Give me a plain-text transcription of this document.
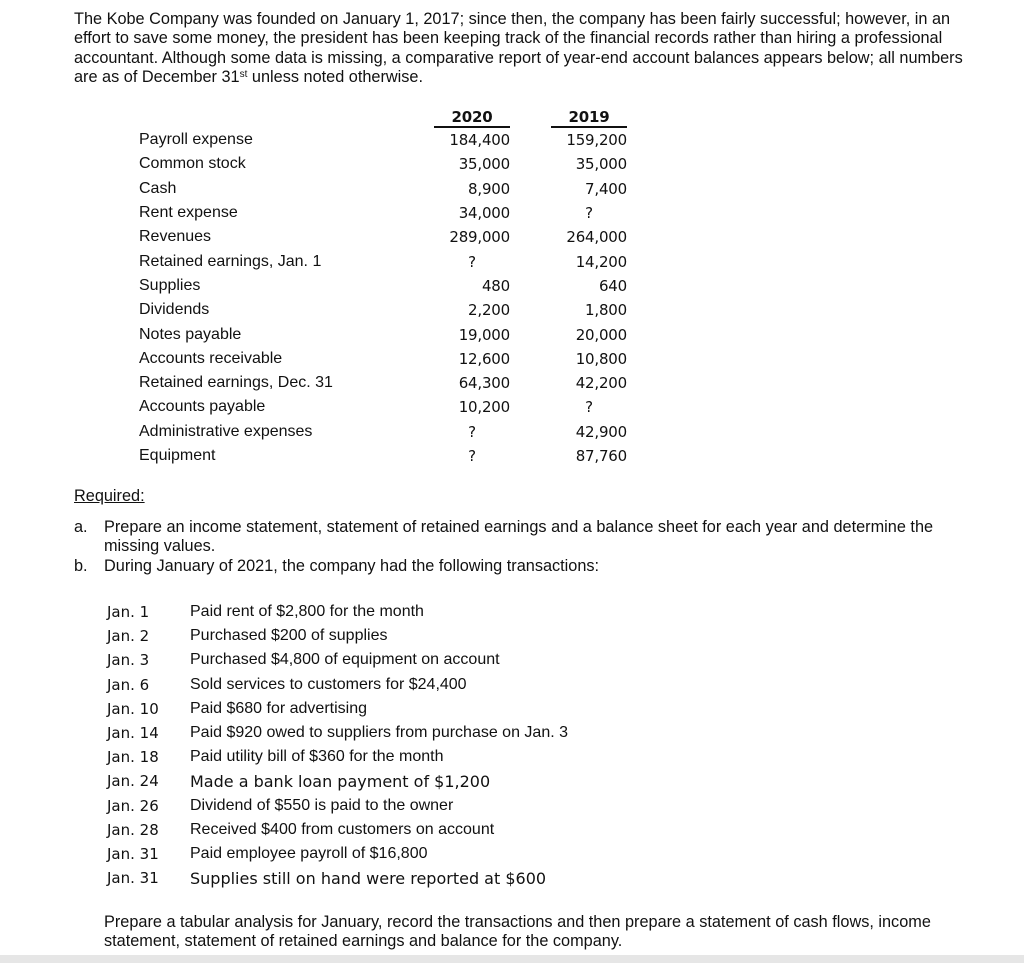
The Kobe Company was founded on January 1, 2017; since then, the company has been fairly successful; however, in an effort to save some money, the president has been keeping track of the financial records rather than hiring a professional accountant. Although some data is missing, a comparative report of year-end account balances appears below; all numbers are as of December 31st unless noted otherwise.

	2020		2019
Payroll expense	184,400		159,200
Common stock	35,000		35,000
Cash	8,900		7,400
Rent expense	34,000		?
Revenues	289,000		264,000
Retained earnings, Jan. 1	?		14,200
Supplies	480		640
Dividends	2,200		1,800
Notes payable	19,000		20,000
Accounts receivable	12,600		10,800
Retained earnings, Dec. 31	64,300		42,200
Accounts payable	10,200		?
Administrative expenses	?		42,900
Equipment	?		87,760

Required:

a. Prepare an income statement, statement of retained earnings and a balance sheet for each year and determine the missing values.
b. During January of 2021, the company had the following transactions:
Jan. 1	Paid rent of $2,800 for the month
Jan. 2	Purchased $200 of supplies
Jan. 3	Purchased $4,800 of equipment on account
Jan. 6	Sold services to customers for $24,400
Jan. 10	Paid $680 for advertising
Jan. 14	Paid $920 owed to suppliers from purchase on Jan. 3
Jan. 18	Paid utility bill of $360 for the month
Jan. 24	Made a bank loan payment of $1,200
Jan. 26	Dividend of $550 is paid to the owner
Jan. 28	Received $400 from customers on account
Jan. 31	Paid employee payroll of $16,800
Jan. 31	Supplies still on hand were reported at $600

Prepare a tabular analysis for January, record the transactions and then prepare a statement of cash flows, income statement, statement of retained earnings and balance for the company.
